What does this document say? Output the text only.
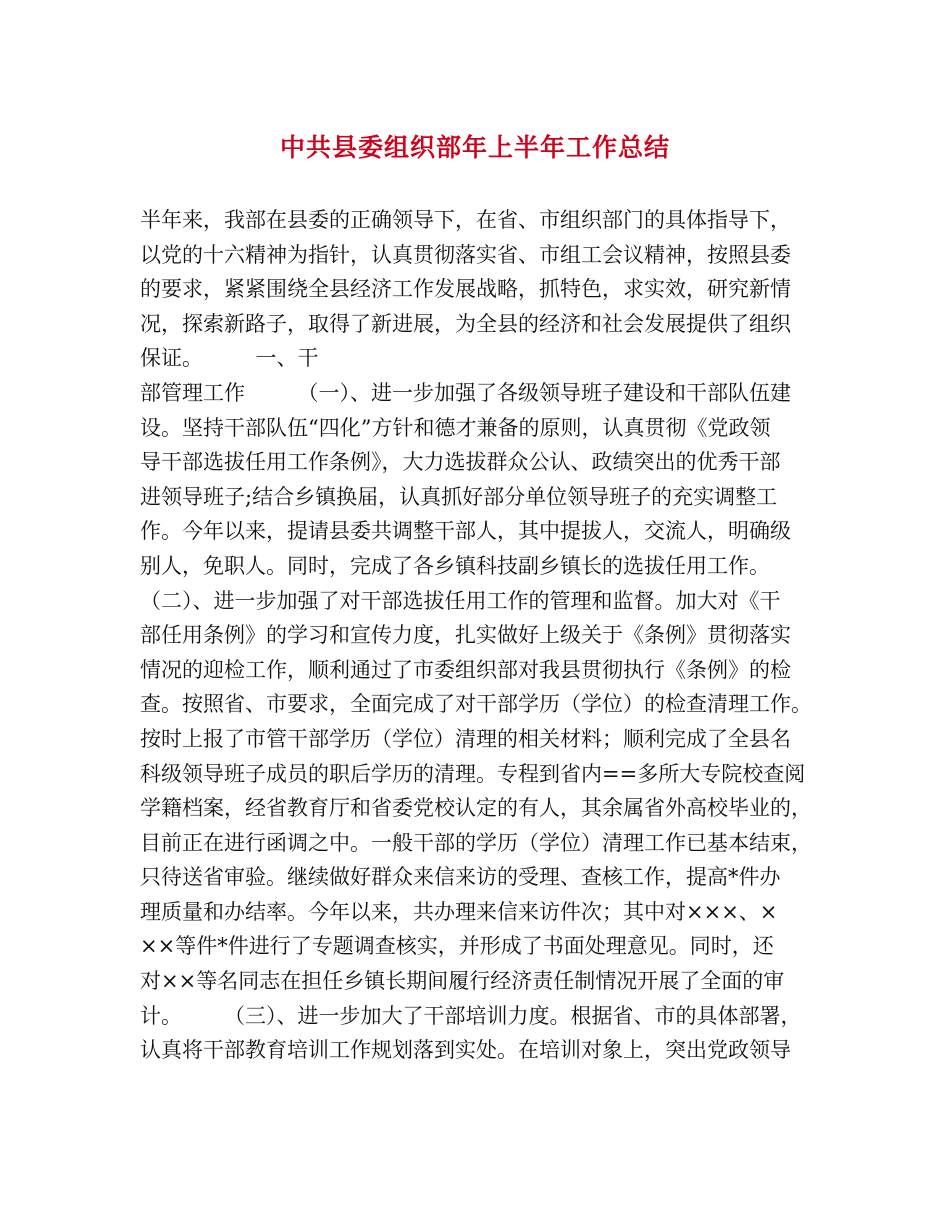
中共县委组织部年上半年工作总结
半年来，我部在县委的正确领导下，在省、市组织部门的具体指导下，
以党的十六精神为指针，认真贯彻落实省、市组工会议精神，按照县委
的要求，紧紧围绕全县经济工作发展战略，抓特色，求实效，研究新情
况，探索新路子，取得了新进展，为全县的经济和社会发展提供了组织
保证。　　　一、干
部管理工作　　　（一）、进一步加强了各级领导班子建设和干部队伍建
设。坚持干部队伍“四化”方针和德才兼备的原则，认真贯彻《党政领
导干部选拔任用工作条例》，大力选拔群众公认、政绩突出的优秀干部
进领导班子;结合乡镇换届，认真抓好部分单位领导班子的充实调整工
作。今年以来，提请县委共调整干部人，其中提拔人，交流人，明确级
别人，免职人。同时，完成了各乡镇科技副乡镇长的选拔任用工作。
（二）、进一步加强了对干部选拔任用工作的管理和监督。加大对《干
部任用条例》的学习和宣传力度，扎实做好上级关于《条例》贯彻落实
情况的迎检工作，顺利通过了市委组织部对我县贯彻执行《条例》的检
查。按照省、市要求，全面完成了对干部学历（学位）的检查清理工作。
按时上报了市管干部学历（学位）清理的相关材料；顺利完成了全县名
科级领导班子成员的职后学历的清理。专程到省内==多所大专院校查阅
学籍档案，经省教育厅和省委党校认定的有人，其余属省外高校毕业的，
目前正在进行函调之中。一般干部的学历（学位）清理工作已基本结束，
只待送省审验。继续做好群众来信来访的受理、查核工作，提高*件办
理质量和办结率。今年以来，共办理来信来访件次；其中对×××、×
××等件*件进行了专题调查核实，并形成了书面处理意见。同时，还
对××等名同志在担任乡镇长期间履行经济责任制情况开展了全面的审
计。　　　（三）、进一步加大了干部培训力度。根据省、市的具体部署，
认真将干部教育培训工作规划落到实处。在培训对象上，突出党政领导
